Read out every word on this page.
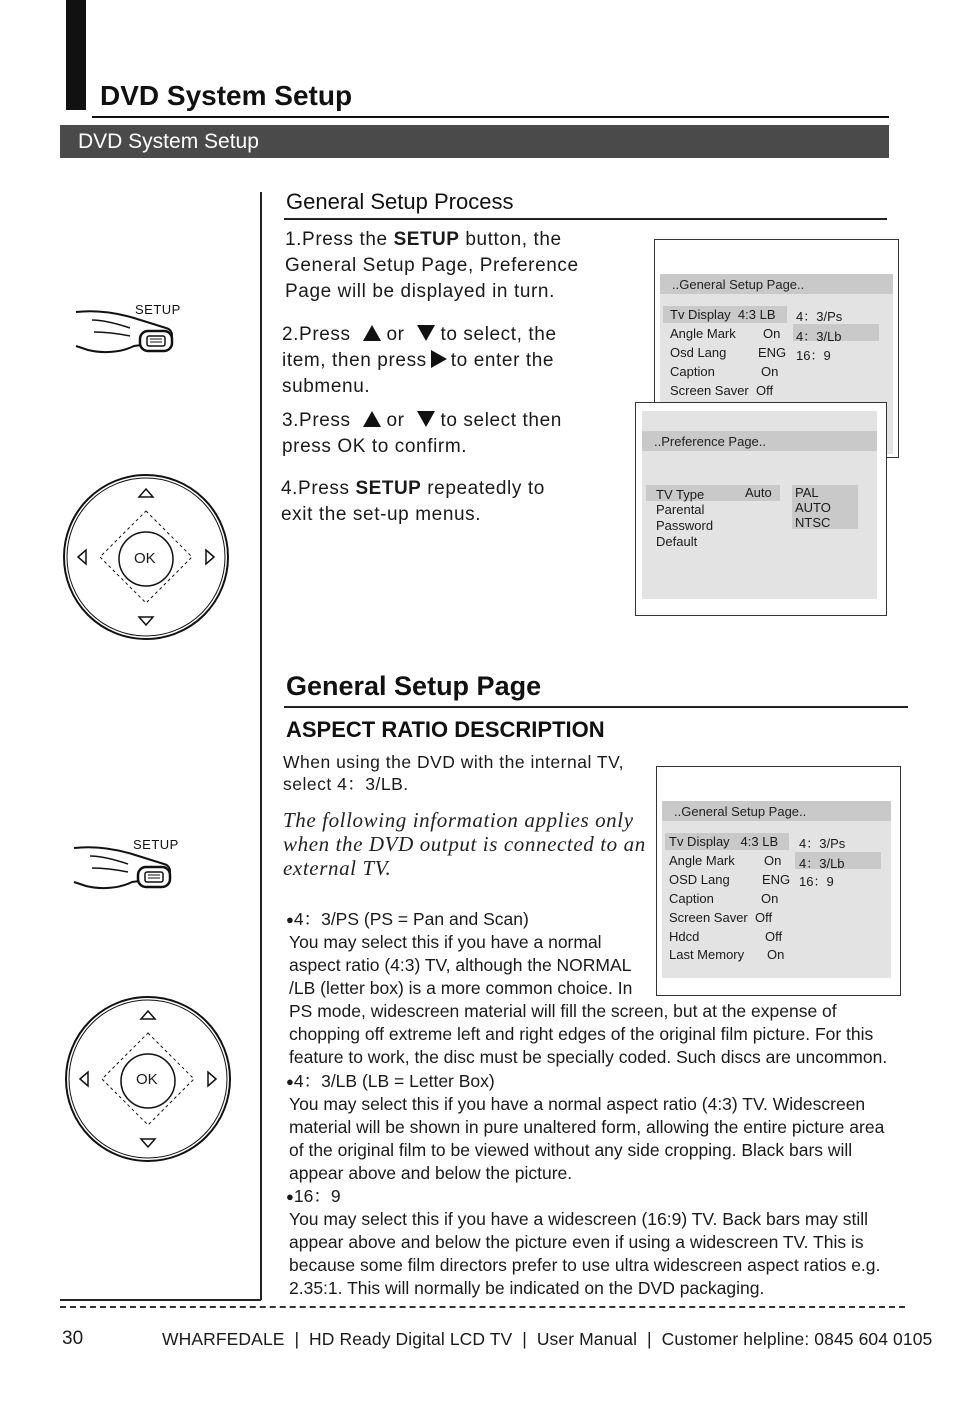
DVD System Setup
DVD System Setup
General Setup Process
1.Press the SETUP button, the
General Setup Page, Preference
Page will be displayed in turn.
2.Press or to select, the
item, then press to enter the
submenu.
3.Press or to select then
press OK to confirm.
4.Press SETUP repeatedly to
exit the set-up menus.
SETUP
OK
..General Setup Page..
Tv Display 4:3 LB
Angle Mark On
Osd Lang ENG
Caption	On
Screen Saver Off
4：3/Ps
4：3/Lb
16：9
..Preference Page..
TV Type	Auto
Parental
Password
Default
PAL
AUTO
NTSC
General Setup Page
ASPECT RATIO DESCRIPTION
When using the DVD with the internal TV,
select 4：3/LB.
The following information applies only
when the DVD output is connected to an
external TV.
SETUP
OK
..General Setup Page..
Tv Display 4:3 LB
Angle Mark On
OSD Lang ENG
Caption	On
Screen Saver Off
Hdcd	Off
Last Memory On
4：3/Ps
4：3/Lb
16：9
●4：3/PS (PS = Pan and Scan)
You may select this if you have a normal
aspect ratio (4:3) TV, although the NORMAL
/LB (letter box) is a more common choice. In
PS mode, widescreen material will fill the screen, but at the expense of
chopping off extreme left and right edges of the original film picture. For this
feature to work, the disc must be specially coded. Such discs are uncommon.
●4：3/LB (LB = Letter Box)
You may select this if you have a normal aspect ratio (4:3) TV. Widescreen
material will be shown in pure unaltered form, allowing the entire picture area
of the original film to be viewed without any side cropping. Black bars will
appear above and below the picture.
●16：9
You may select this if you have a widescreen (16:9) TV. Back bars may still
appear above and below the picture even if using a widescreen TV. This is
because some film directors prefer to use ultra widescreen aspect ratios e.g.
2.35:1. This will normally be indicated on the DVD packaging.
30	WHARFEDALE  |  HD Ready Digital LCD TV  |  User Manual  |  Customer helpline: 0845 604 0105
